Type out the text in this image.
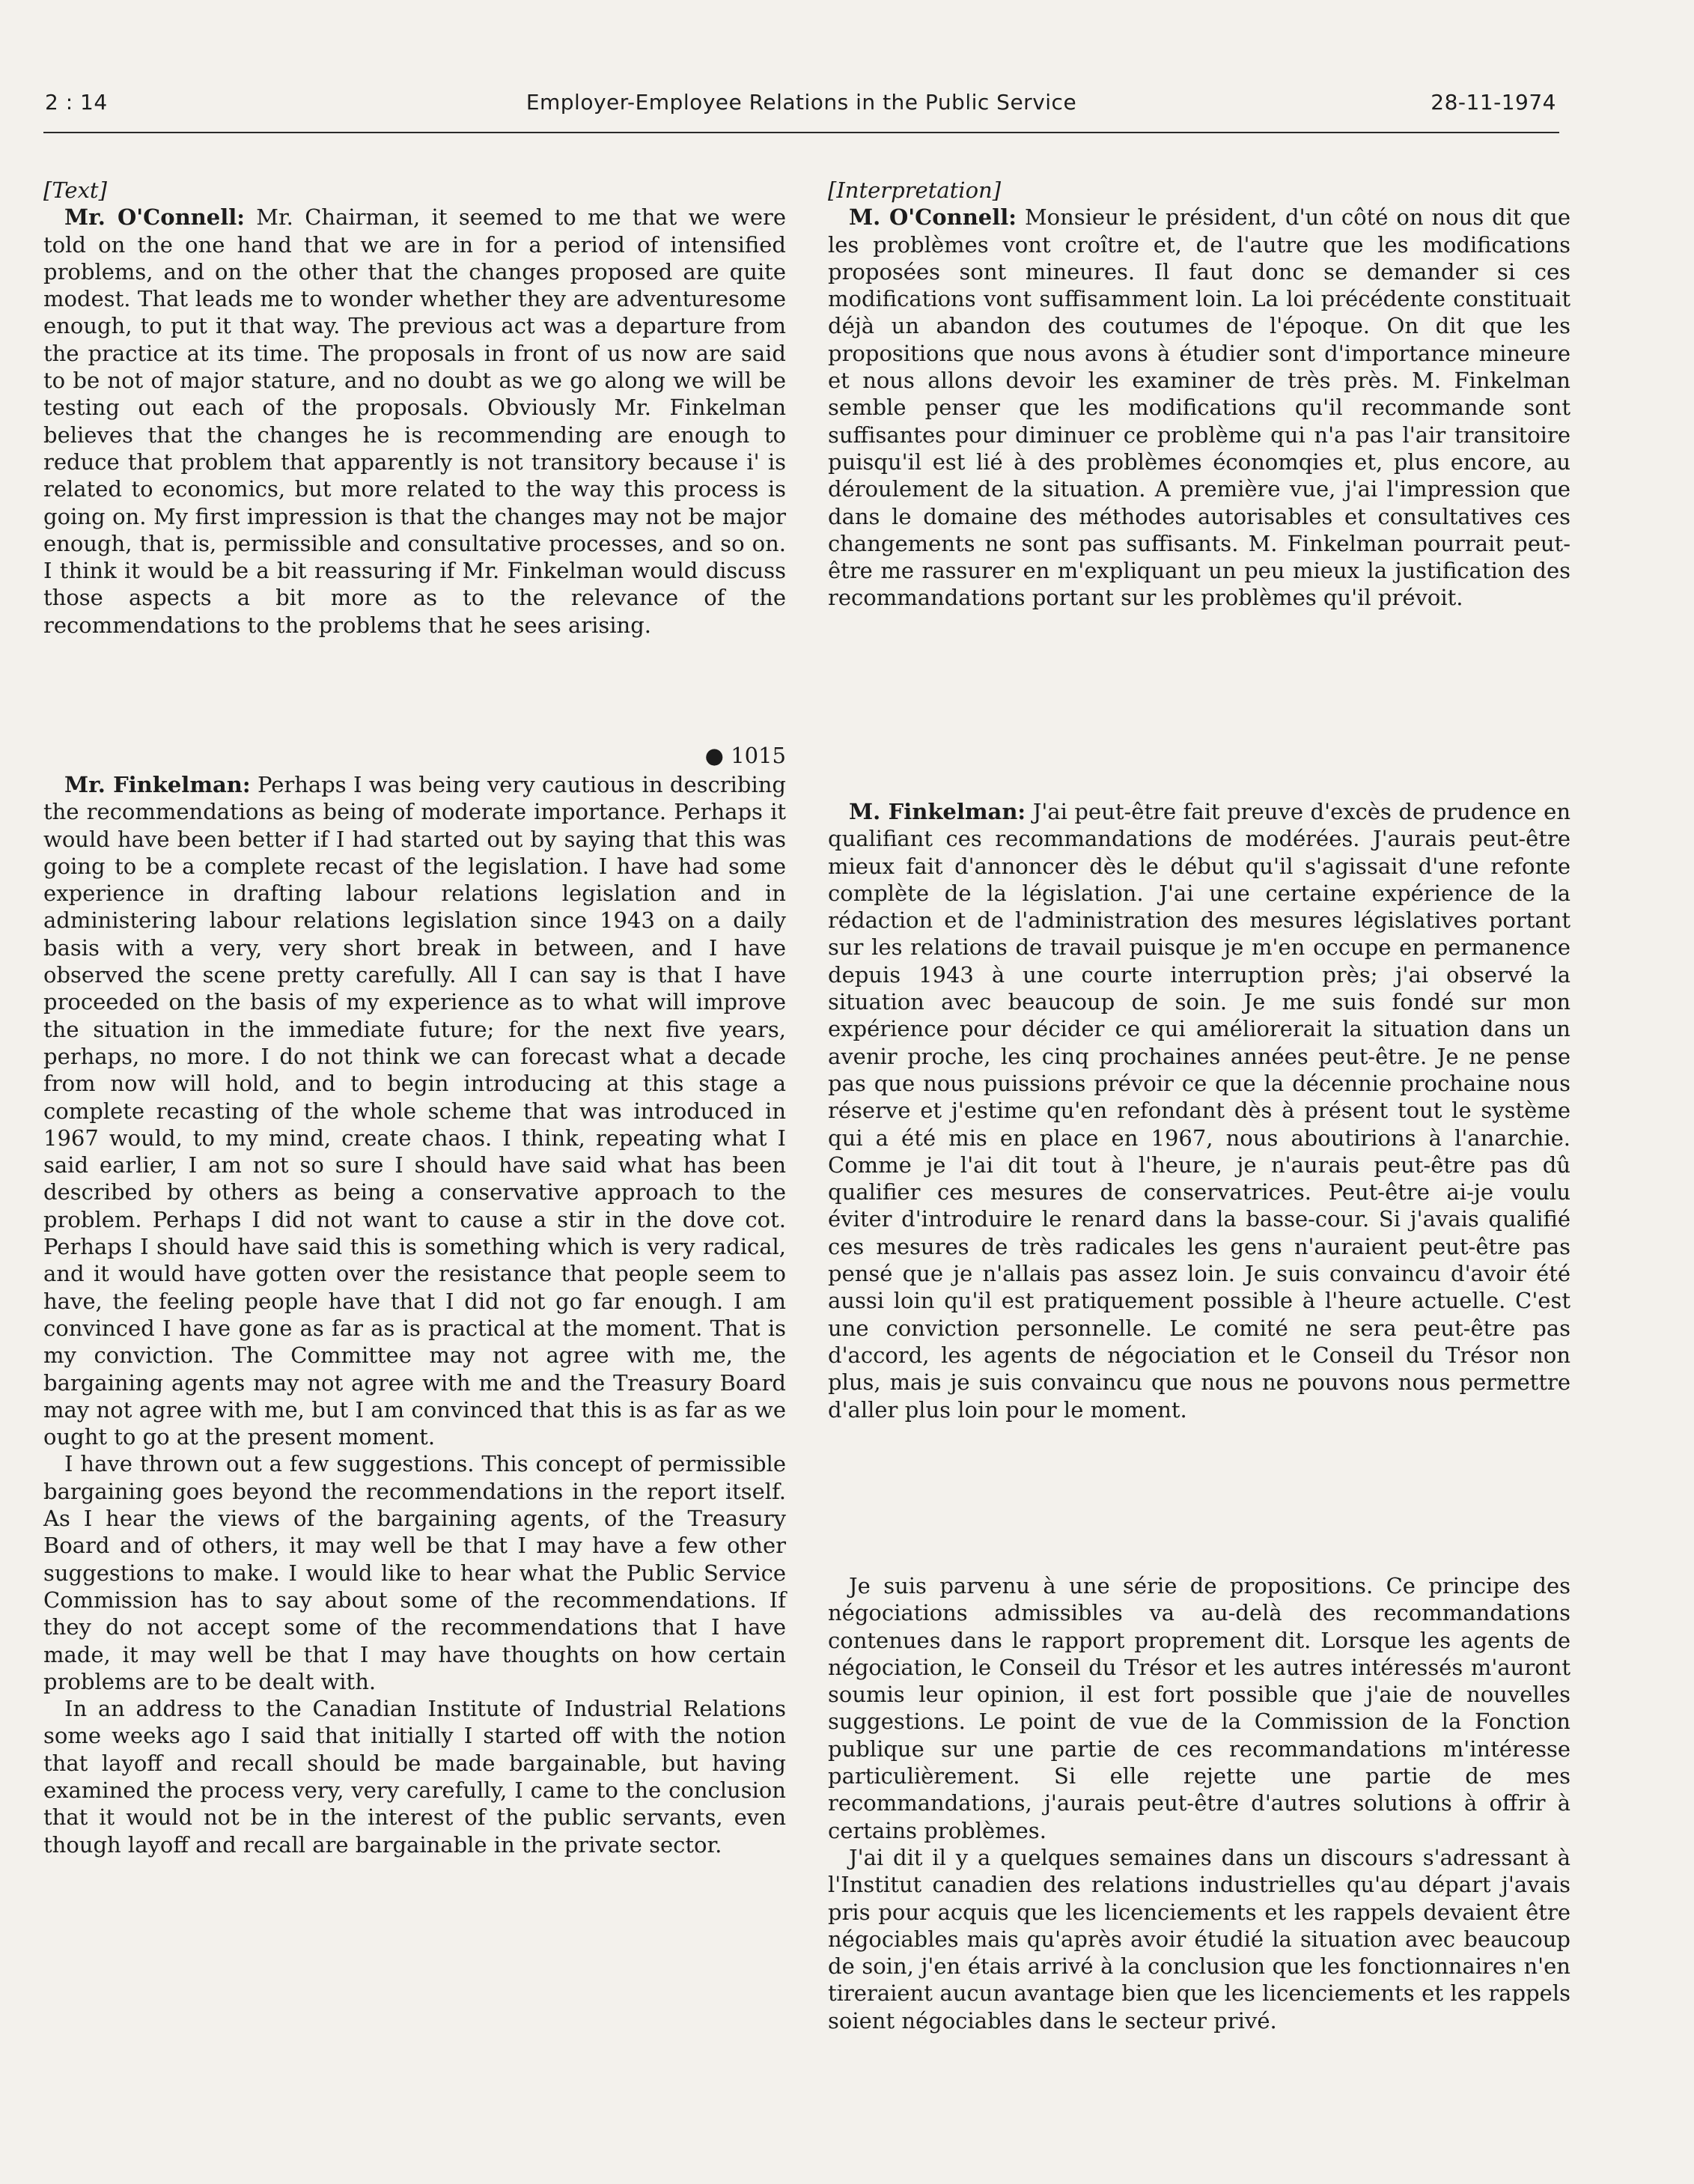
2 : 14	Employer-Employee Relations in the Public Service	28-11-1974

[Text]

Mr. O'Connell: Mr. Chairman, it seemed to me that we were told on the one hand that we are in for a period of intensified problems, and on the other that the changes proposed are quite modest. That leads me to wonder whether they are adventuresome enough, to put it that way. The previous act was a departure from the practice at its time. The proposals in front of us now are said to be not of major stature, and no doubt as we go along we will be testing out each of the proposals. Obviously Mr. Finkelman believes that the changes he is recommending are enough to reduce that problem that apparently is not transitory because i' is related to economics, but more related to the way this process is going on. My first impression is that the changes may not be major enough, that is, permissible and consultative processes, and so on. I think it would be a bit reassuring if Mr. Finkelman would discuss those aspects a bit more as to the relevance of the recommendations to the problems that he sees arising.

● 1015

Mr. Finkelman: Perhaps I was being very cautious in describing the recommendations as being of moderate importance. Perhaps it would have been better if I had started out by saying that this was going to be a complete recast of the legislation. I have had some experience in drafting labour relations legislation and in administering labour relations legislation since 1943 on a daily basis with a very, very short break in between, and I have observed the scene pretty carefully. All I can say is that I have proceeded on the basis of my experience as to what will improve the situation in the immediate future; for the next five years, perhaps, no more. I do not think we can forecast what a decade from now will hold, and to begin introducing at this stage a complete recasting of the whole scheme that was introduced in 1967 would, to my mind, create chaos. I think, repeating what I said earlier, I am not so sure I should have said what has been described by others as being a conservative approach to the problem. Perhaps I did not want to cause a stir in the dove cot. Perhaps I should have said this is something which is very radical, and it would have gotten over the resistance that people seem to have, the feeling people have that I did not go far enough. I am convinced I have gone as far as is practical at the moment. That is my conviction. The Committee may not agree with me, the bargaining agents may not agree with me and the Treasury Board may not agree with me, but I am convinced that this is as far as we ought to go at the present moment.

I have thrown out a few suggestions. This concept of permissible bargaining goes beyond the recommendations in the report itself. As I hear the views of the bargaining agents, of the Treasury Board and of others, it may well be that I may have a few other suggestions to make. I would like to hear what the Public Service Commission has to say about some of the recommendations. If they do not accept some of the recommendations that I have made, it may well be that I may have thoughts on how certain problems are to be dealt with.

In an address to the Canadian Institute of Industrial Relations some weeks ago I said that initially I started off with the notion that layoff and recall should be made bargainable, but having examined the process very, very carefully, I came to the conclusion that it would not be in the interest of the public servants, even though layoff and recall are bargainable in the private sector.

[Interpretation]

M. O'Connell: Monsieur le président, d'un côté on nous dit que les problèmes vont croître et, de l'autre que les modifications proposées sont mineures. Il faut donc se demander si ces modifications vont suffisamment loin. La loi précédente constituait déjà un abandon des coutumes de l'époque. On dit que les propositions que nous avons à étudier sont d'importance mineure et nous allons devoir les examiner de très près. M. Finkelman semble penser que les modifications qu'il recommande sont suffisantes pour diminuer ce problème qui n'a pas l'air transitoire puisqu'il est lié à des problèmes économqies et, plus encore, au déroulement de la situation. A première vue, j'ai l'impression que dans le domaine des méthodes autorisables et consultatives ces changements ne sont pas suffisants. M. Finkelman pourrait peut-être me rassurer en m'expliquant un peu mieux la justification des recommandations portant sur les problèmes qu'il prévoit.

M. Finkelman: J'ai peut-être fait preuve d'excès de prudence en qualifiant ces recommandations de modérées. J'aurais peut-être mieux fait d'annoncer dès le début qu'il s'agissait d'une refonte complète de la législation. J'ai une certaine expérience de la rédaction et de l'administration des mesures législatives portant sur les relations de travail puisque je m'en occupe en permanence depuis 1943 à une courte interruption près; j'ai observé la situation avec beaucoup de soin. Je me suis fondé sur mon expérience pour décider ce qui améliorerait la situation dans un avenir proche, les cinq prochaines années peut-être. Je ne pense pas que nous puissions prévoir ce que la décennie prochaine nous réserve et j'estime qu'en refondant dès à présent tout le système qui a été mis en place en 1967, nous aboutirions à l'anarchie. Comme je l'ai dit tout à l'heure, je n'aurais peut-être pas dû qualifier ces mesures de conservatrices. Peut-être ai-je voulu éviter d'introduire le renard dans la basse-cour. Si j'avais qualifié ces mesures de très radicales les gens n'auraient peut-être pas pensé que je n'allais pas assez loin. Je suis convaincu d'avoir été aussi loin qu'il est pratiquement possible à l'heure actuelle. C'est une conviction personnelle. Le comité ne sera peut-être pas d'accord, les agents de négociation et le Conseil du Trésor non plus, mais je suis convaincu que nous ne pouvons nous permettre d'aller plus loin pour le moment.

Je suis parvenu à une série de propositions. Ce principe des négociations admissibles va au-delà des recommandations contenues dans le rapport proprement dit. Lorsque les agents de négociation, le Conseil du Trésor et les autres intéressés m'auront soumis leur opinion, il est fort possible que j'aie de nouvelles suggestions. Le point de vue de la Commission de la Fonction publique sur une partie de ces recommandations m'intéresse particulièrement. Si elle rejette une partie de mes recommandations, j'aurais peut-être d'autres solutions à offrir à certains problèmes.

J'ai dit il y a quelques semaines dans un discours s'adressant à l'Institut canadien des relations industrielles qu'au départ j'avais pris pour acquis que les licenciements et les rappels devaient être négociables mais qu'après avoir étudié la situation avec beaucoup de soin, j'en étais arrivé à la conclusion que les fonctionnaires n'en tireraient aucun avantage bien que les licenciements et les rappels soient négociables dans le secteur privé.
